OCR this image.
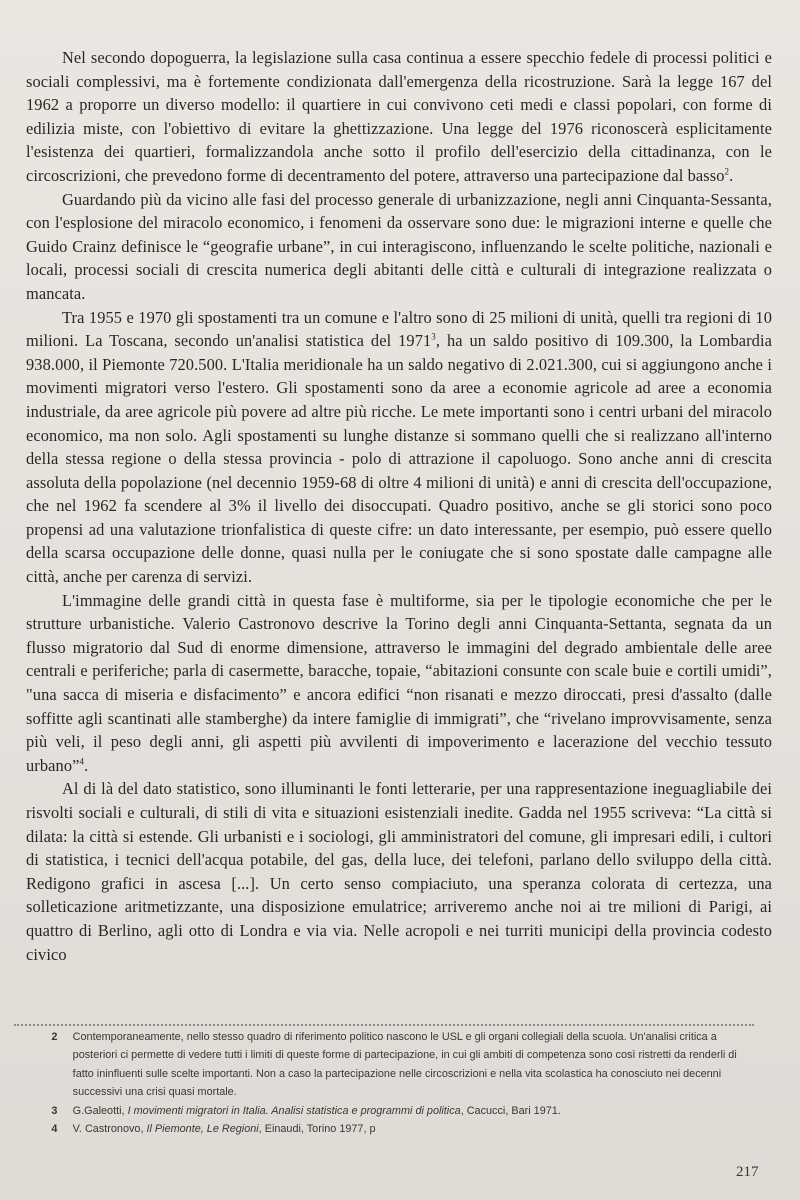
Nel secondo dopoguerra, la legislazione sulla casa continua a essere specchio fedele di processi politici e sociali complessivi, ma è fortemente condizionata dall'emergenza della ricostruzione. Sarà la legge 167 del 1962 a proporre un diverso modello: il quartiere in cui convivono ceti medi e classi popolari, con forme di edilizia miste, con l'obiettivo di evitare la ghettizzazione. Una legge del 1976 riconoscerà esplicitamente l'esistenza dei quartieri, formalizzandola anche sotto il profilo dell'esercizio della cittadinanza, con le circoscrizioni, che prevedono forme di decentramento del potere, attraverso una partecipazione dal basso$^2$.

Guardando più da vicino alle fasi del processo generale di urbanizzazione, negli anni Cinquanta-Sessanta, con l'esplosione del miracolo economico, i fenomeni da osservare sono due: le migrazioni interne e quelle che Guido Crainz definisce le “geografie urbane”, in cui interagiscono, influenzando le scelte politiche, nazionali e locali, processi sociali di crescita numerica degli abitanti delle città e culturali di integrazione realizzata o mancata.

Tra 1955 e 1970 gli spostamenti tra un comune e l'altro sono di 25 milioni di unità, quelli tra regioni di 10 milioni. La Toscana, secondo un'analisi statistica del 1971$^3$, ha un saldo positivo di 109.300, la Lombardia 938.000, il Piemonte 720.500. L'Italia meridionale ha un saldo negativo di 2.021.300, cui si aggiungono anche i movimenti migratori verso l'estero. Gli spostamenti sono da aree a economie agricole ad aree a economia industriale, da aree agricole più povere ad altre più ricche. Le mete importanti sono i centri urbani del miracolo economico, ma non solo. Agli spostamenti su lunghe distanze si sommano quelli che si realizzano all'interno della stessa regione o della stessa provincia - polo di attrazione il capoluogo. Sono anche anni di crescita assoluta della popolazione (nel decennio 1959-68 di oltre 4 milioni di unità) e anni di crescita dell'occupazione, che nel 1962 fa scendere al 3% il livello dei disoccupati. Quadro positivo, anche se gli storici sono poco propensi ad una valutazione trionfalistica di queste cifre: un dato interessante, per esempio, può essere quello della scarsa occupazione delle donne, quasi nulla per le coniugate che si sono spostate dalle campagne alle città, anche per carenza di servizi.

L'immagine delle grandi città in questa fase è multiforme, sia per le tipologie economiche che per le strutture urbanistiche. Valerio Castronovo descrive la Torino degli anni Cinquanta-Settanta, segnata da un flusso migratorio dal Sud di enorme dimensione, attraverso le immagini del degrado ambientale delle aree centrali e periferiche; parla di casermette, baracche, topaie, “abitazioni consunte con scale buie e cortili umidi”, "una sacca di miseria e disfacimento” e ancora edifici “non risanati e mezzo diroccati, presi d'assalto (dalle soffitte agli scantinati alle stamberghe) da intere famiglie di immigrati”, che “rivelano improvvisamente, senza più veli, il peso degli anni, gli aspetti più avvilenti di impoverimento e lacerazione del vecchio tessuto urbano”$^4$.

Al di là del dato statistico, sono illuminanti le fonti letterarie, per una rappresentazione ineguagliabile dei risvolti sociali e culturali, di stili di vita e situazioni esistenziali inedite. Gadda nel 1955 scriveva: “La città si dilata: la città si estende. Gli urbanisti e i sociologi, gli amministratori del comune, gli impresari edili, i cultori di statistica, i tecnici dell'acqua potabile, del gas, della luce, dei telefoni, parlano dello sviluppo della città. Redigono grafici in ascesa [...]. Un certo senso compiaciuto, una speranza colorata di certezza, una solleticazione aritmetizzante, una disposizione emulatrice; arriveremo anche noi ai tre milioni di Parigi, ai quattro di Berlino, agli otto di Londra e via via. Nelle acropoli e nei turriti municipi della provincia codesto civico

2	Contemporaneamente, nello stesso quadro di riferimento politico nascono le USL e gli organi collegiali della scuola. Un'analisi critica a posteriori ci permette di vedere tutti i limiti di queste forme di partecipazione, in cui gli ambiti di competenza sono così ristretti da renderli di fatto ininfluenti sulle scelte importanti. Non a caso la partecipazione nelle circoscrizioni e nella vita scolastica ha conosciuto nei decenni successivi una crisi quasi mortale.
3	G.Galeotti, I movimenti migratori in Italia. Analisi statistica e programmi di politica, Cacucci, Bari 1971.
4	V. Castronovo, Il Piemonte, Le Regioni, Einaudi, Torino 1977, p
217
